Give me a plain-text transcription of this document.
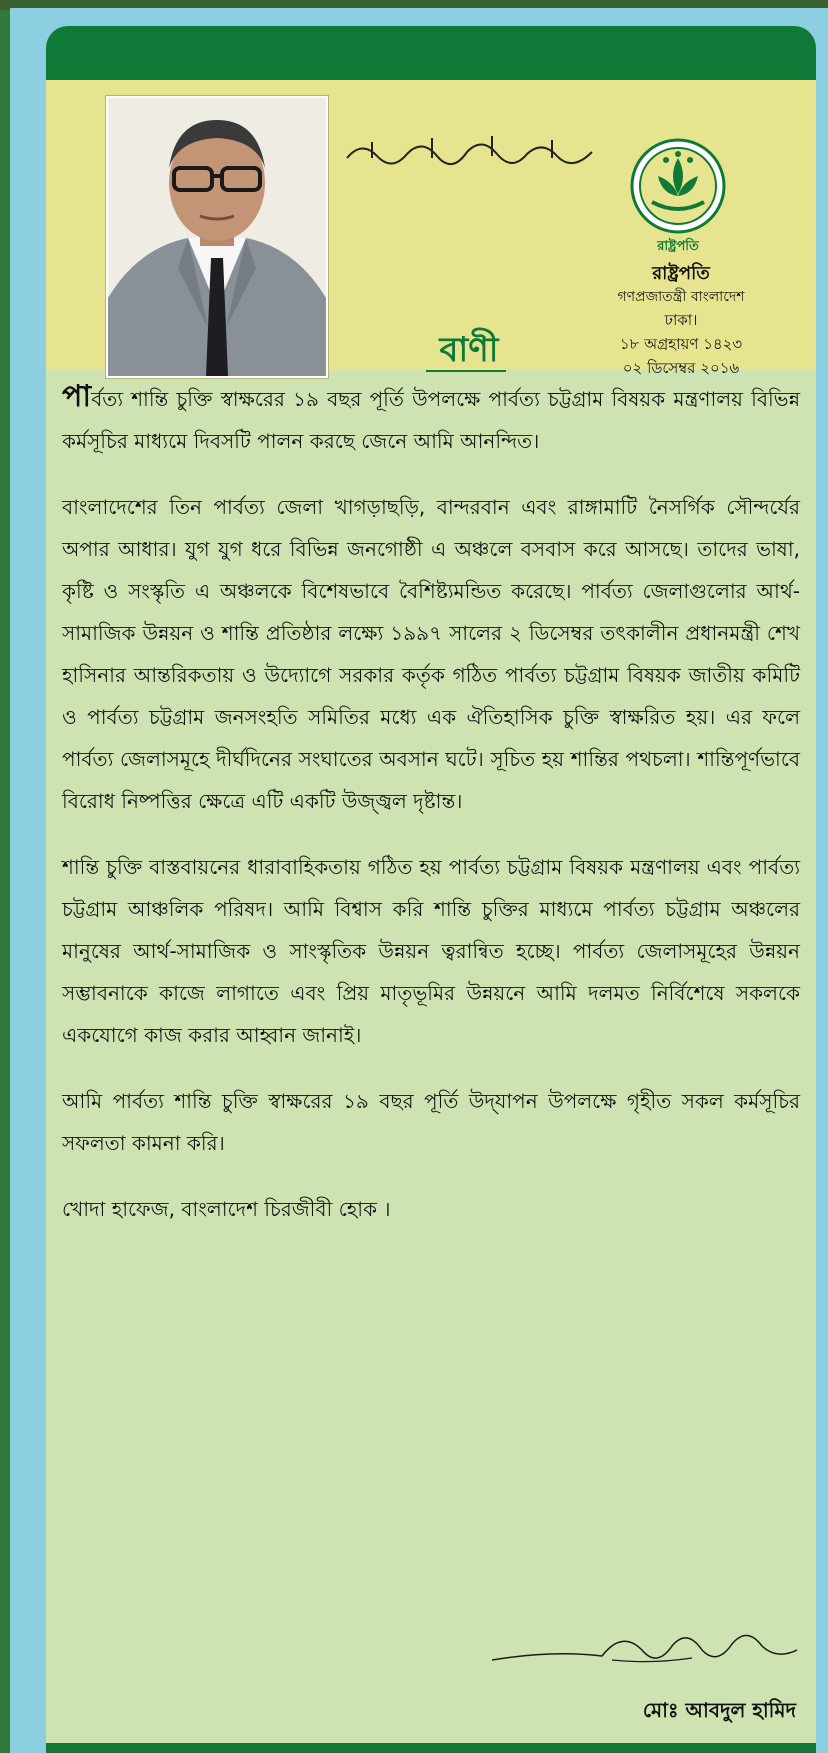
বাণী
রাষ্ট্রপতি
রাষ্ট্রপতি
গণপ্রজাতন্ত্রী বাংলাদেশ
ঢাকা।
১৮ অগ্রহায়ণ ১৪২৩
০২ ডিসেম্বর ২০১৬

পার্বত্য শান্তি চুক্তি স্বাক্ষরের ১৯ বছর পূর্তি উপলক্ষে পার্বত্য চট্টগ্রাম বিষয়ক মন্ত্রণালয় বিভিন্ন কর্মসূচির মাধ্যমে দিবসটি পালন করছে জেনে আমি আনন্দিত।

বাংলাদেশের তিন পার্বত্য জেলা খাগড়াছড়ি, বান্দরবান এবং রাঙ্গামাটি নৈসর্গিক সৌন্দর্যের অপার আধার। যুগ যুগ ধরে বিভিন্ন জনগোষ্ঠী এ অঞ্চলে বসবাস করে আসছে। তাদের ভাষা, কৃষ্টি ও সংস্কৃতি এ অঞ্চলকে বিশেষভাবে বৈশিষ্ট্যমন্ডিত করেছে। পার্বত্য জেলাগুলোর আর্থ-সামাজিক উন্নয়ন ও শান্তি প্রতিষ্ঠার লক্ষ্যে ১৯৯৭ সালের ২ ডিসেম্বর তৎকালীন প্রধানমন্ত্রী শেখ হাসিনার আন্তরিকতায় ও উদ্যোগে সরকার কর্তৃক গঠিত পার্বত্য চট্টগ্রাম বিষয়ক জাতীয় কমিটি ও পার্বত্য চট্টগ্রাম জনসংহতি সমিতির মধ্যে এক ঐতিহাসিক চুক্তি স্বাক্ষরিত হয়। এর ফলে পার্বত্য জেলাসমূহে দীর্ঘদিনের সংঘাতের অবসান ঘটে। সূচিত হয় শান্তির পথচলা। শান্তিপূর্ণভাবে বিরোধ নিষ্পত্তির ক্ষেত্রে এটি একটি উজ্জ্বল দৃষ্টান্ত।

শান্তি চুক্তি বাস্তবায়নের ধারাবাহিকতায় গঠিত হয় পার্বত্য চট্টগ্রাম বিষয়ক মন্ত্রণালয় এবং পার্বত্য চট্টগ্রাম আঞ্চলিক পরিষদ। আমি বিশ্বাস করি শান্তি চুক্তির মাধ্যমে পার্বত্য চট্টগ্রাম অঞ্চলের মানুষের আর্থ-সামাজিক ও সাংস্কৃতিক উন্নয়ন ত্বরান্বিত হচ্ছে। পার্বত্য জেলাসমূহের উন্নয়ন সম্ভাবনাকে কাজে লাগাতে এবং প্রিয় মাতৃভূমির উন্নয়নে আমি দলমত নির্বিশেষে সকলকে একযোগে কাজ করার আহ্বান জানাই।

আমি পার্বত্য শান্তি চুক্তি স্বাক্ষরের ১৯ বছর পূর্তি উদ্‌যাপন উপলক্ষে গৃহীত সকল কর্মসূচির সফলতা কামনা করি।

খোদা হাফেজ, বাংলাদেশ চিরজীবী হোক ।

মোঃ আবদুল হামিদ
